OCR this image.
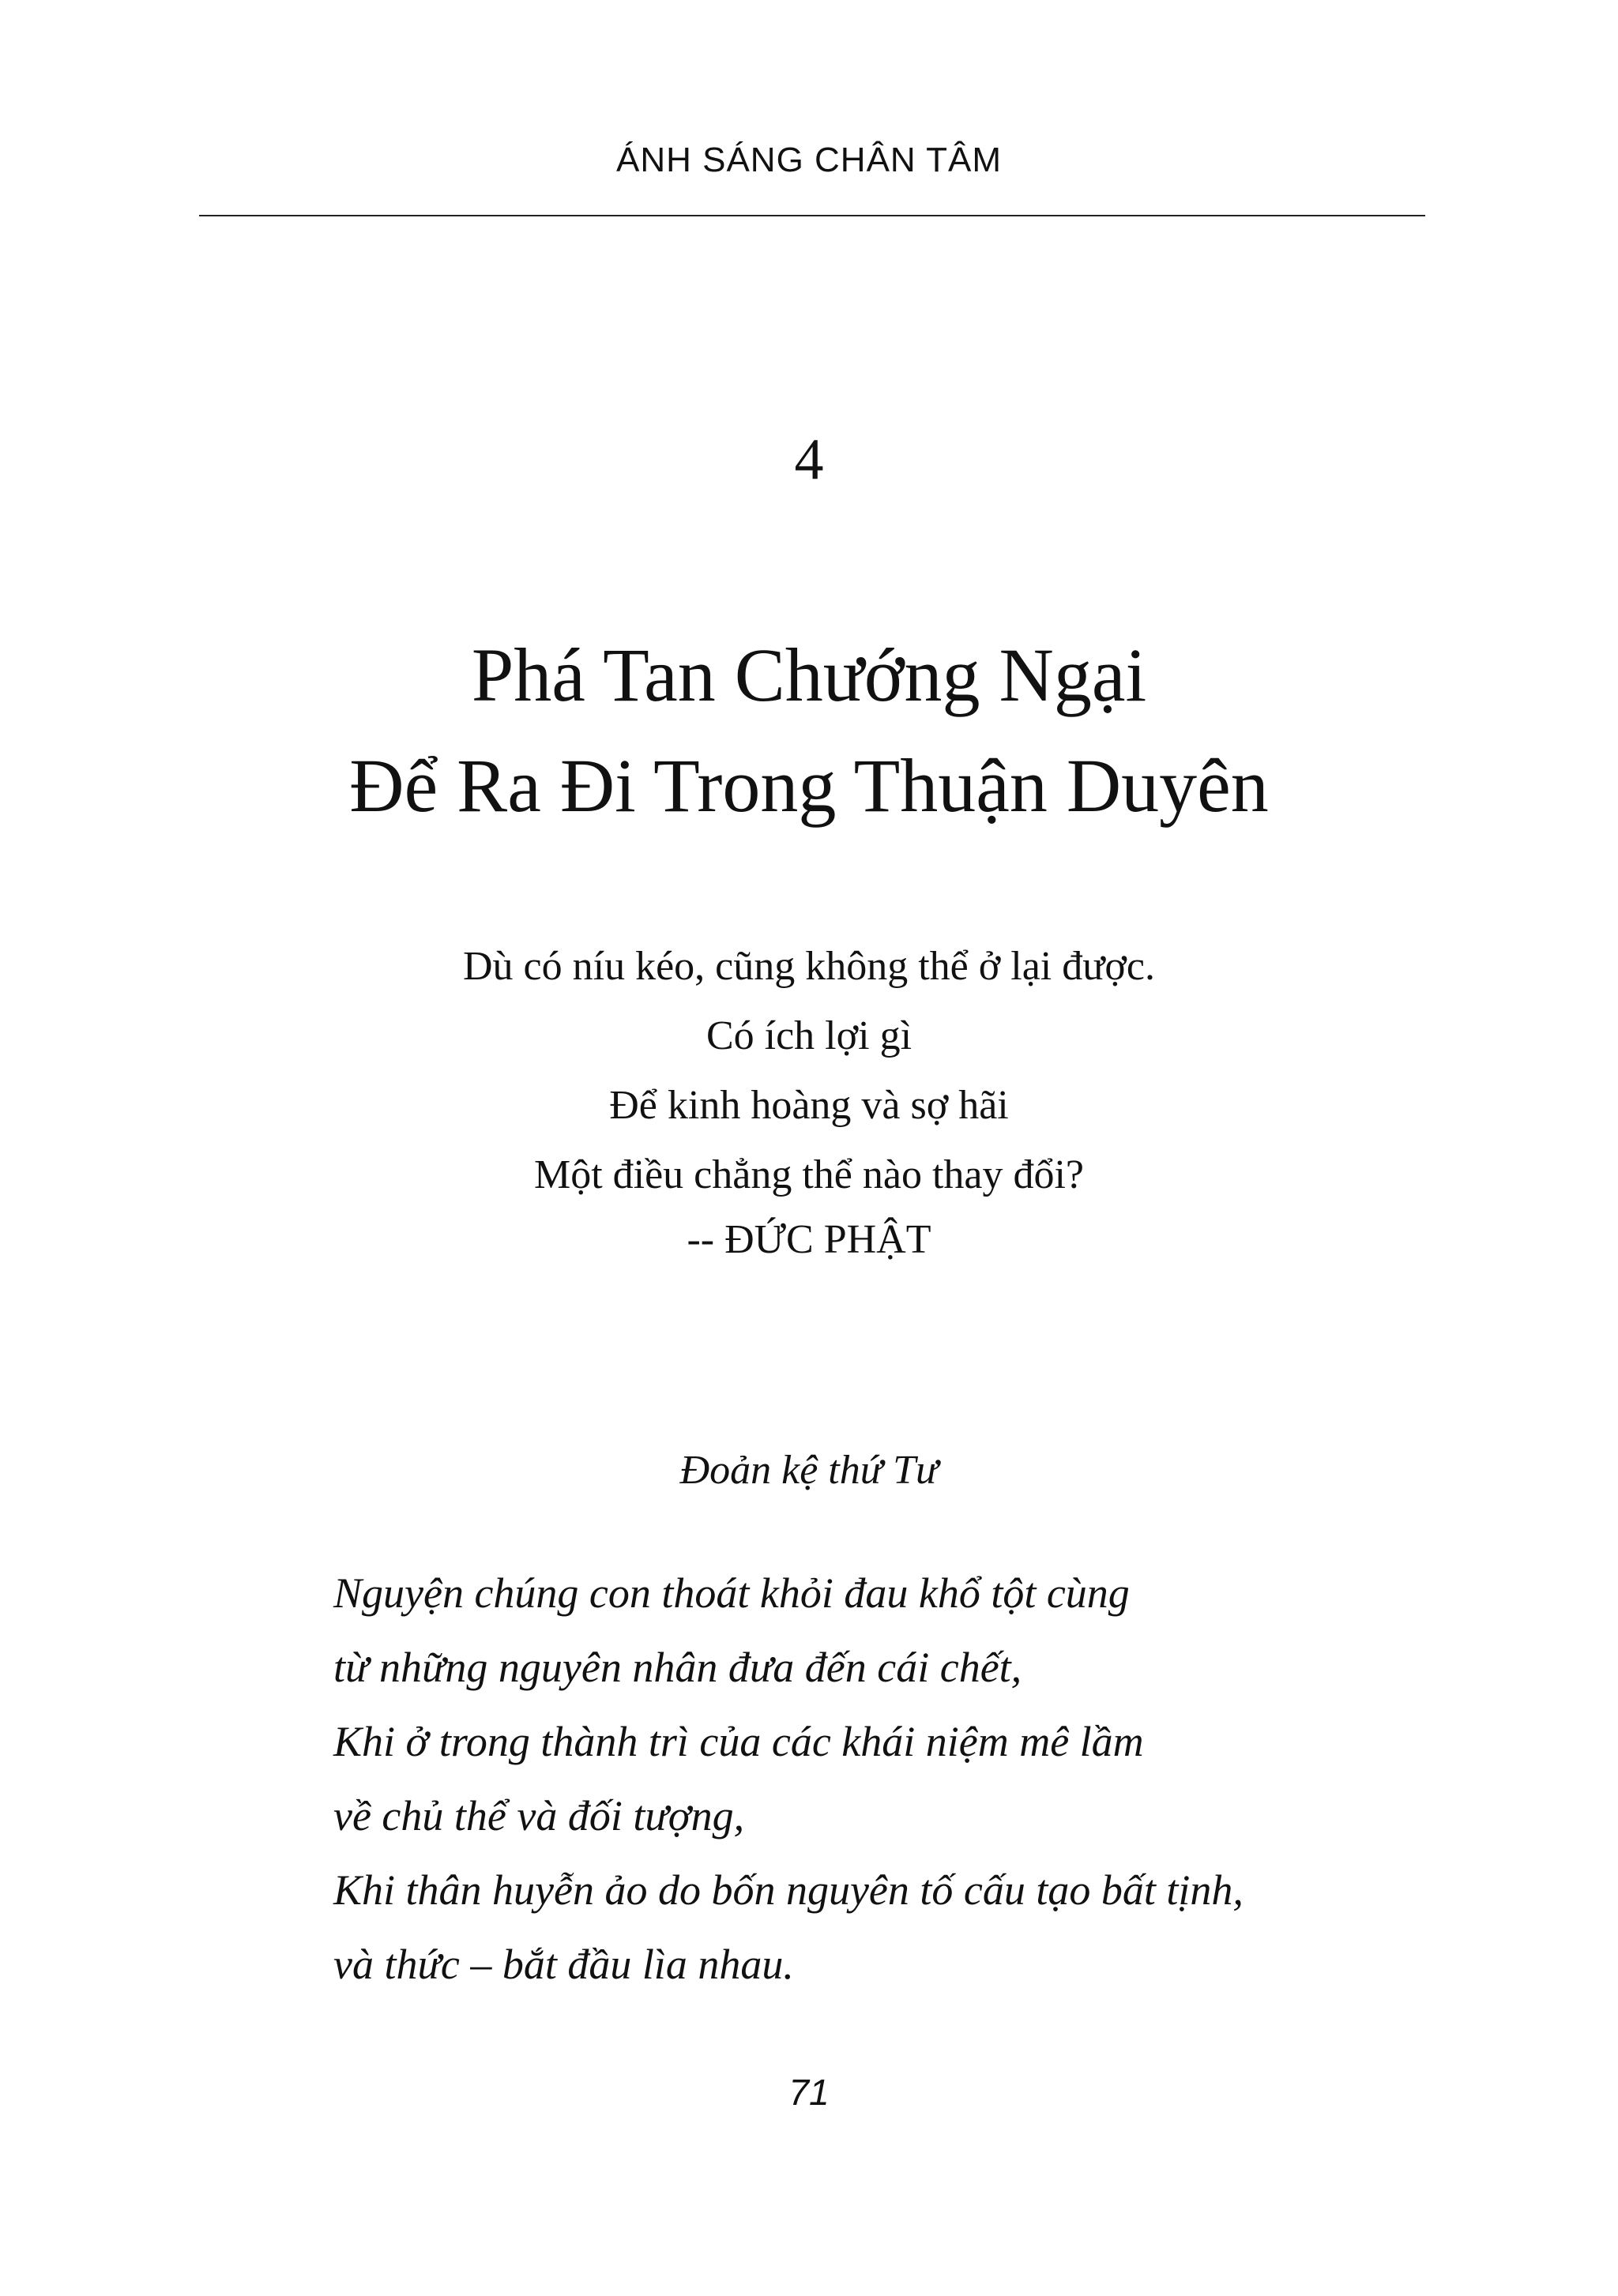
ÁNH SÁNG CHÂN TÂM
4
Phá Tan Chướng Ngại
Để Ra Đi Trong Thuận Duyên
Dù có níu kéo, cũng không thể ở lại được.
Có ích lợi gì
Để kinh hoàng và sợ hãi
Một điều chẳng thể nào thay đổi?
-- ĐỨC PHẬT
Đoản kệ thứ Tư
Nguyện chúng con thoát khỏi đau khổ tột cùng
từ những nguyên nhân đưa đến cái chết,
Khi ở trong thành trì của các khái niệm mê lầm
về chủ thể và đối tượng,
Khi thân huyễn ảo do bốn nguyên tố cấu tạo bất tịnh,
và thức – bắt đầu lìa nhau.
71
